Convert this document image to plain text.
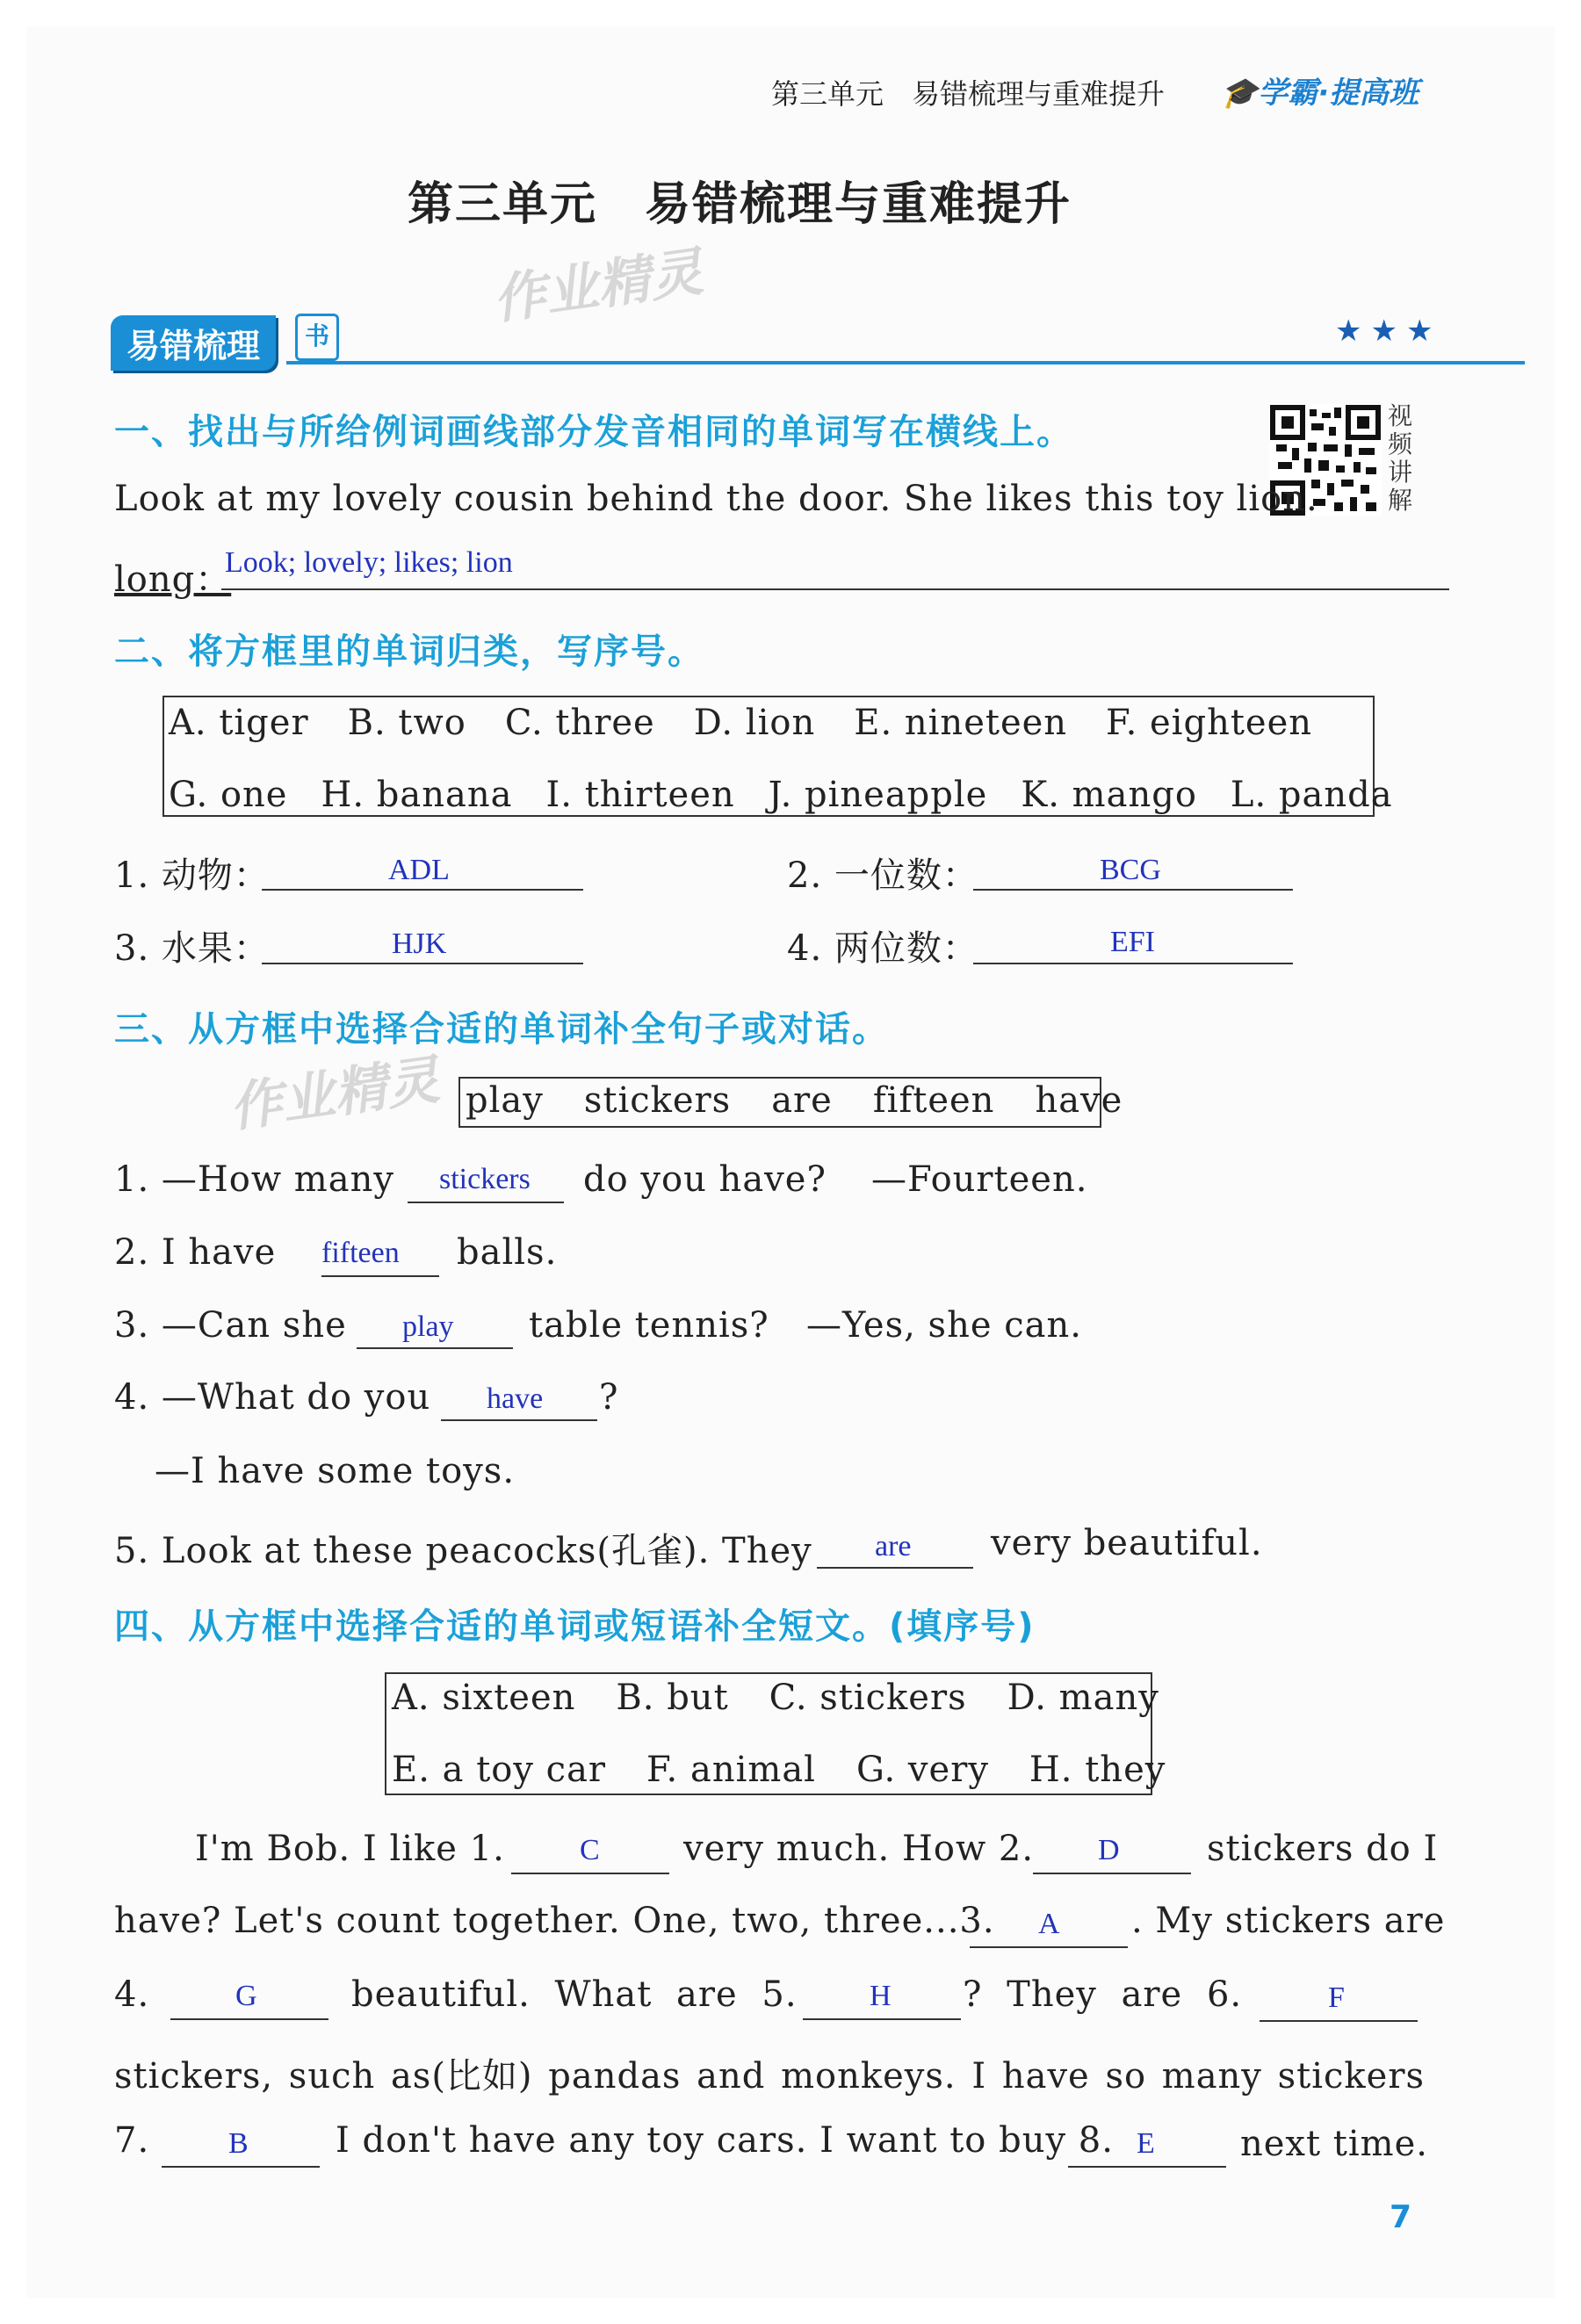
第三单元　易错梳理与重难提升 🎓学霸·提高班
第三单元　易错梳理与重难提升
作业精灵
易错梳理	书	★★★
一、找出与所给例词画线部分发音相同的单词写在横线上。	视
频
讲
解
Look at my lovely cousin behind the door. She likes this toy lion.
long：
Look; lovely; likes; lion
二、将方框里的单词归类，写序号。
A. tiger B. two C. three D. lion E. nineteen F. eighteen
G. one H. banana I. thirteen J. pineapple K. mango L. panda
1. 动物：	ADL	2. 一位数：	BCG
3. 水果：	HJK	4. 两位数：	EFI
三、从方框中选择合适的单词补全句子或对话。
作业精灵 play stickers are fifteen have
1. —How many stickers do you have? —Fourteen.
2. I have fifteen balls.
3. —Can she play table tennis? —Yes, she can.
4. —What do you have ?
—I have some toys.
5. Look at these peacocks(孔雀). They are very beautiful.
四、从方框中选择合适的单词或短语补全短文。(填序号)
A. sixteen B. but C. stickers D. many
E. a toy car F. animal G. very H. they
I'm Bob. I like 1.	C very much. How 2. D stickers do I
have? Let's count together. One, two, three...3. A . My stickers are
4.	G	beautiful. What are 5. H ? They are 6.	F
stickers, such as(比如) pandas and monkeys. I have so many stickers
7.	B I don't have any toy cars. I want to buy 8. E next time.
7
